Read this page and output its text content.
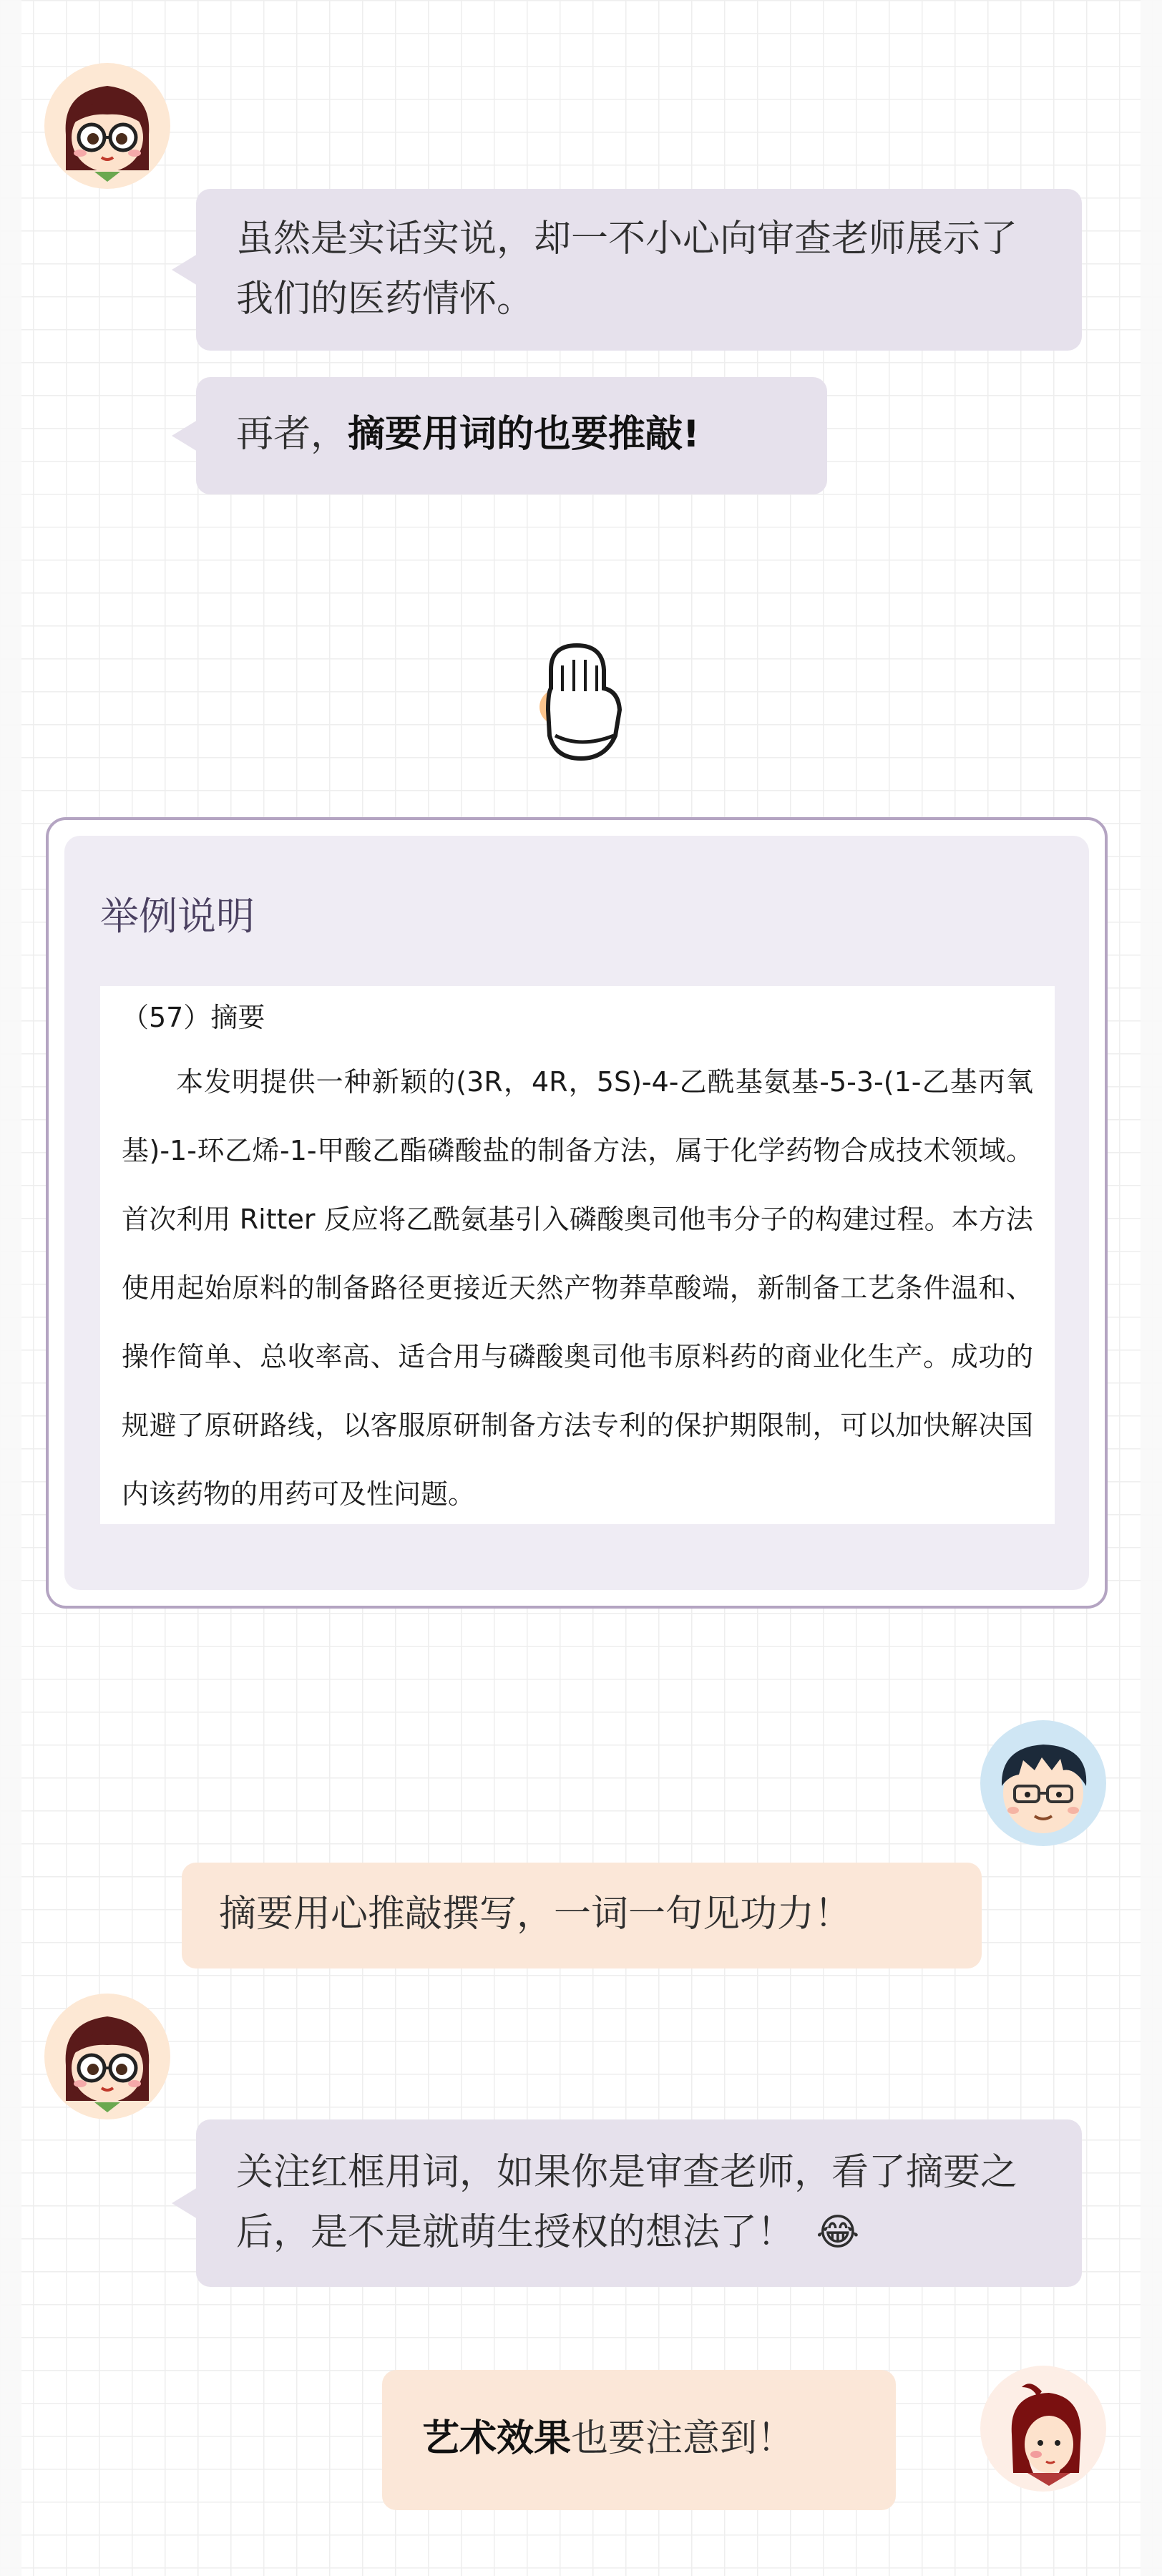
虽然是实话实说，却一不小心向审查老师展示了我们的医药情怀。
再者，摘要用词的也要推敲!
举例说明

（57）摘要

本发明提供一种新颖的(3R，4R，5S)-4-乙酰基氨基-5-3-(1-乙基丙氧基)-1-环乙烯-1-甲酸乙酯磷酸盐的制备方法，属于化学药物合成技术领域。首次利用 Ritter 反应将乙酰氨基引入磷酸奥司他韦分子的构建过程。本方法使用起始原料的制备路径更接近天然产物莽草酸端，新制备工艺条件温和、操作简单、总收率高、适合用与磷酸奥司他韦原料药的商业化生产。成功的规避了原研路线，以客服原研制备方法专利的保护期限制，可以加快解决国内该药物的用药可及性问题。

摘要用心推敲撰写，一词一句见功力！
关注红框用词，如果你是审查老师，看了摘要之后，是不是就萌生授权的想法了！ 😂
艺术效果也要注意到！
